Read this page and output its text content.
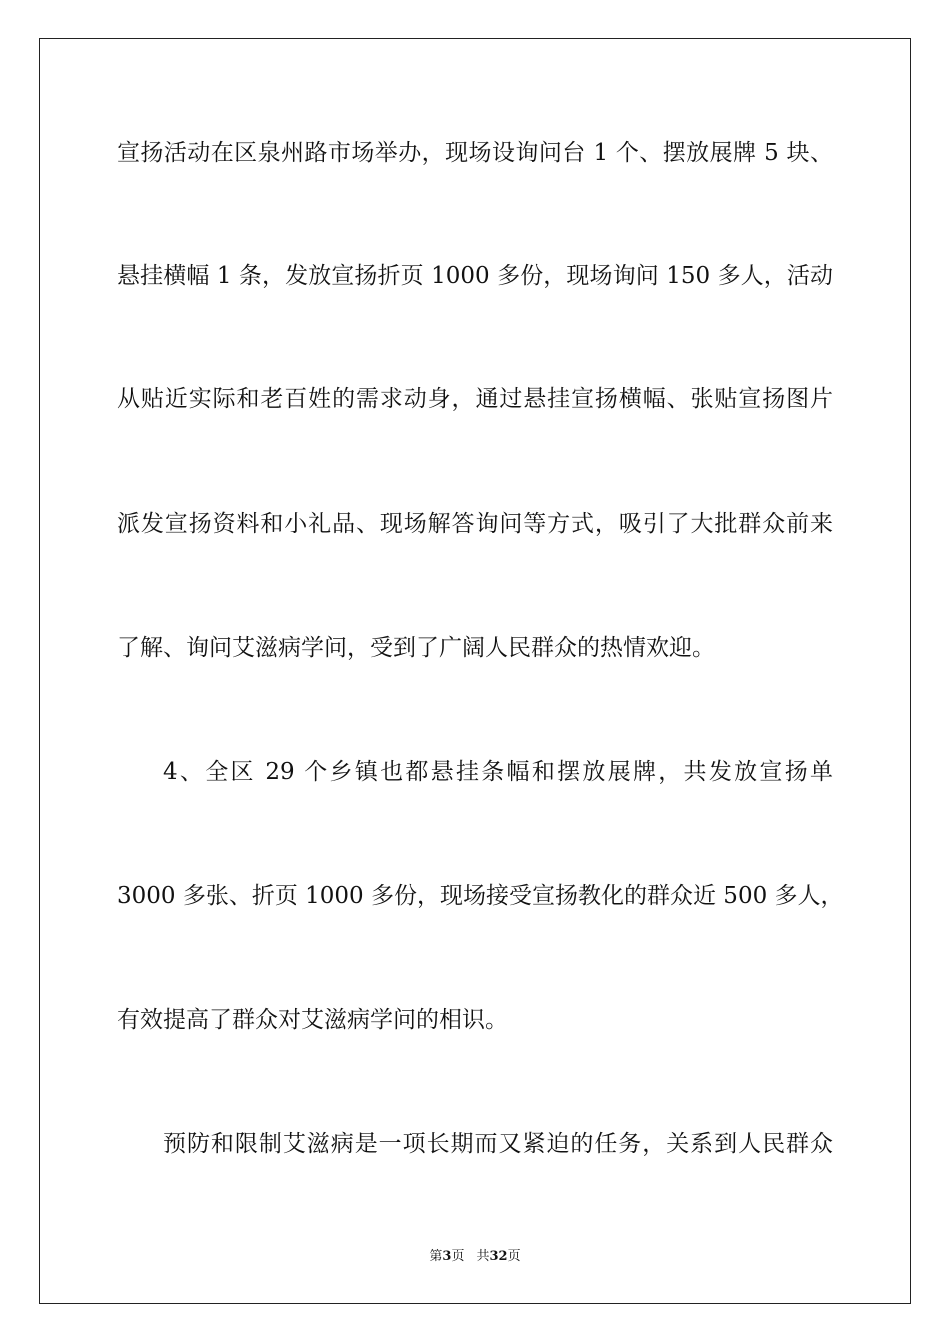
宣扬活动在区泉州路市场举办，现场设询问台 1 个、摆放展牌 5 块、
悬挂横幅 1 条，发放宣扬折页 1000 多份，现场询问 150 多人，活动
从贴近实际和老百姓的需求动身，通过悬挂宣扬横幅、张贴宣扬图片
派发宣扬资料和小礼品、现场解答询问等方式，吸引了大批群众前来
了解、询问艾滋病学问，受到了广阔人民群众的热情欢迎。
4、全区 29 个乡镇也都悬挂条幅和摆放展牌，共发放宣扬单
3000 多张、折页 1000 多份，现场接受宣扬教化的群众近 500 多人，
有效提高了群众对艾滋病学问的相识。
预防和限制艾滋病是一项长期而又紧迫的任务，关系到人民群众
第3页 共32页
